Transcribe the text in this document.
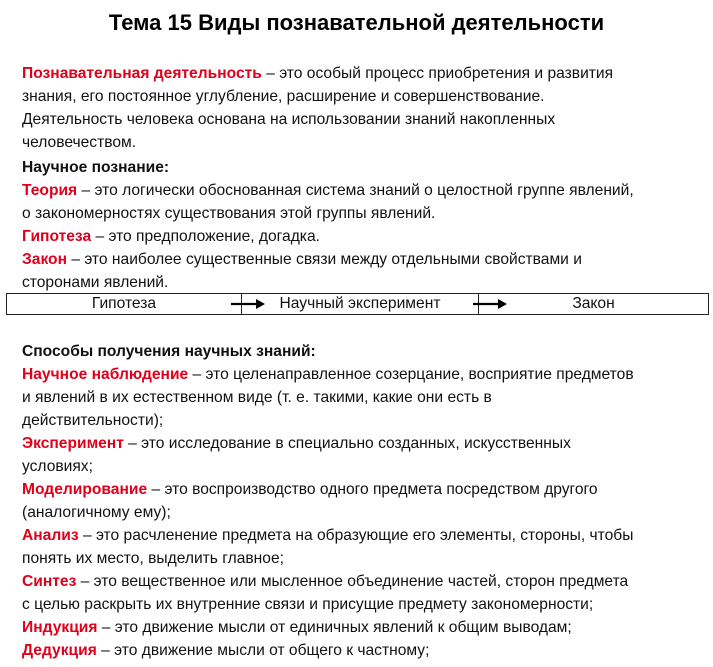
Тема 15 Виды познавательной деятельности
Познавательная деятельность – это особый процесс приобретения и развития
знания, его постоянное углубление, расширение и совершенствование.
Деятельность человека основана на использовании знаний накопленных
человечеством.
Научное познание:
Теория – это логически обоснованная система знаний о целостной группе явлений,
о закономерностях существования этой группы явлений.
Гипотеза – это предположение, догадка.
Закон – это наиболее существенные связи между отдельными свойствами и
сторонами явлений.
Гипотеза	Научный эксперимент	Закон
Способы получения научных знаний:
Научное наблюдение – это целенаправленное созерцание, восприятие предметов
и явлений в их естественном виде (т. е. такими, какие они есть в
действительности);
Эксперимент – это исследование в специально созданных, искусственных
условиях;
Моделирование – это воспроизводство одного предмета посредством другого
(аналогичному ему);
Анализ – это расчленение предмета на образующие его элементы, стороны, чтобы
понять их место, выделить главное;
Синтез – это вещественное или мысленное объединение частей, сторон предмета
с целью раскрыть их внутренние связи и присущие предмету закономерности;
Индукция – это движение мысли от единичных явлений к общим выводам;
Дедукция – это движение мысли от общего к частному;
